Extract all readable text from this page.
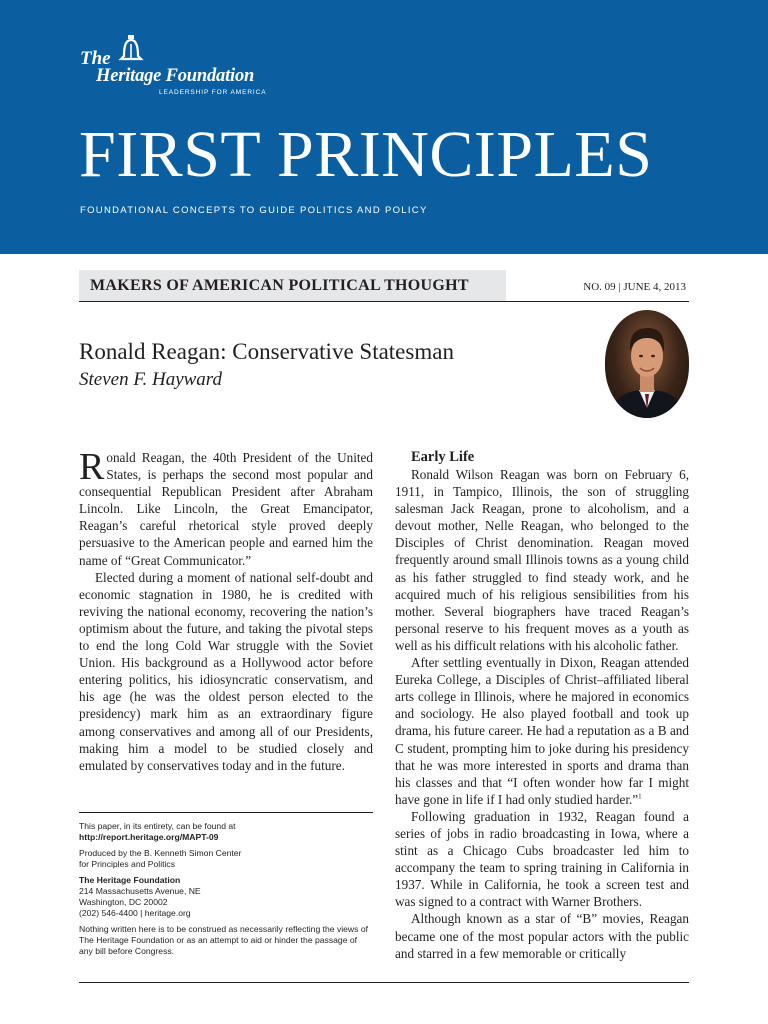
The
Heritage Foundation
LEADERSHIP FOR AMERICA
FIRST PRINCIPLES
FOUNDATIONAL CONCEPTS TO GUIDE POLITICS AND POLICY
MAKERS OF AMERICAN POLITICAL THOUGHT	NO. 09 | JUNE 4, 2013
Ronald Reagan: Conservative Statesman
Steven F. Hayward

Ronald Reagan, the 40th President of the United States, is perhaps the second most popular and consequential Republican President after Abraham Lincoln. Like Lincoln, the Great Emancipator, Reagan’s careful rhetorical style proved deeply persuasive to the American people and earned him the name of “Great Communicator.”

Elected during a moment of national self-doubt and economic stagnation in 1980, he is credited with reviving the national economy, recovering the nation’s optimism about the future, and taking the pivotal steps to end the long Cold War struggle with the Soviet Union. His background as a Hollywood actor before entering politics, his idiosyncratic conservatism, and his age (he was the oldest person elected to the presidency) mark him as an extraordinary figure among conservatives and among all of our Presidents, making him a model to be studied closely and emulated by conservatives today and in the future.

This paper, in its entirety, can be found at
http://report.heritage.org/MAPT-09
Produced by the B. Kenneth Simon Center
for Principles and Politics
The Heritage Foundation
214 Massachusetts Avenue, NE
Washington, DC 20002
(202) 546-4400 | heritage.org
Nothing written here is to be construed as necessarily reflecting the views of The Heritage Foundation or as an attempt to aid or hinder the passage of any bill before Congress.

Early Life

Ronald Wilson Reagan was born on February 6, 1911, in Tampico, Illinois, the son of struggling salesman Jack Reagan, prone to alcoholism, and a devout mother, Nelle Reagan, who belonged to the Disciples of Christ denomination. Reagan moved frequently around small Illinois towns as a young child as his father struggled to find steady work, and he acquired much of his religious sensibilities from his mother. Several biographers have traced Reagan’s personal reserve to his frequent moves as a youth as well as his difficult relations with his alcoholic father.

After settling eventually in Dixon, Reagan attended Eureka College, a Disciples of Christ–affiliated liberal arts college in Illinois, where he majored in economics and sociology. He also played football and took up drama, his future career. He had a reputation as a B and C student, prompting him to joke during his presidency that he was more interested in sports and drama than his classes and that “I often wonder how far I might have gone in life if I had only studied harder.”$^1$

Following graduation in 1932, Reagan found a series of jobs in radio broadcasting in Iowa, where a stint as a Chicago Cubs broadcaster led him to accompany the team to spring training in California in 1937. While in California, he took a screen test and was signed to a contract with Warner Brothers.

Although known as a star of “B” movies, Reagan became one of the most popular actors with the public and starred in a few memorable or critically
